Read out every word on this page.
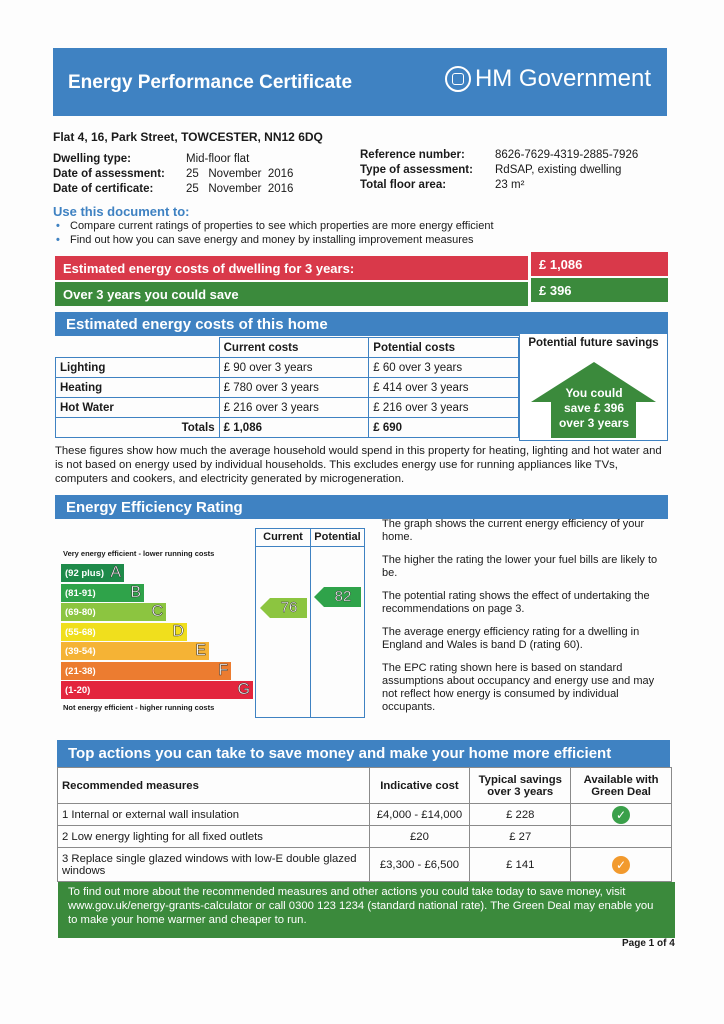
Energy Performance Certificate	HM Government
Flat 4, 16, Park Street, TOWCESTER, NN12 6DQ
Dwelling type:	Mid-floor flat
Date of assessment:	25   November  2016
Date of certificate:	25   November  2016
Reference number:	8626-7629-4319-2885-7926
Type of assessment:	RdSAP, existing dwelling
Total floor area:	23 m²
Use this document to:
• Compare current ratings of properties to see which properties are more energy efficient
• Find out how you can save energy and money by installing improvement measures
Estimated energy costs of dwelling for 3 years:	£ 1,086
Over 3 years you could save	£ 396
Estimated energy costs of this home
	Current costs	Potential costs
Lighting	£ 90 over 3 years	£ 60 over 3 years
Heating	£ 780 over 3 years	£ 414 over 3 years
Hot Water	£ 216 over 3 years	£ 216 over 3 years
Totals	£ 1,086	£ 690
Potential future savings
You could
save £ 396
over 3 years
These figures show how much the average household would spend in this property for heating, lighting and hot water and is not based on energy used by individual households. This excludes energy use for running appliances like TVs, computers and cookers, and electricity generated by microgeneration.
Energy Efficiency Rating
Current	Potential
Very energy efficient - lower running costs
(92 plus) A
(81-91) B
(69-80)	C
(55-68)	D
(39-54)	E
(21-38)	F
(1-20)	G
Not energy efficient - higher running costs
76
82
The graph shows the current energy efficiency of your home.
The higher the rating the lower your fuel bills are likely to be.
The potential rating shows the effect of undertaking the recommendations on page 3.
The average energy efficiency rating for a dwelling in England and Wales is band D (rating 60).
The EPC rating shown here is based on standard assumptions about occupancy and energy use and may not reflect how energy is consumed by individual occupants.
Top actions you can take to save money and make your home more efficient
Recommended measures	Indicative cost	Typical savings over 3 years	Available with Green Deal
1 Internal or external wall insulation	£4,000 - £14,000	£ 228	✓
2 Low energy lighting for all fixed outlets	£20	£ 27	
3 Replace single glazed windows with low-E double glazed windows	£3,300 - £6,500	£ 141	✓
To find out more about the recommended measures and other actions you could take today to save money, visit www.gov.uk/energy-grants-calculator or call 0300 123 1234 (standard national rate). The Green Deal may enable you to make your home warmer and cheaper to run.
Page 1 of 4
